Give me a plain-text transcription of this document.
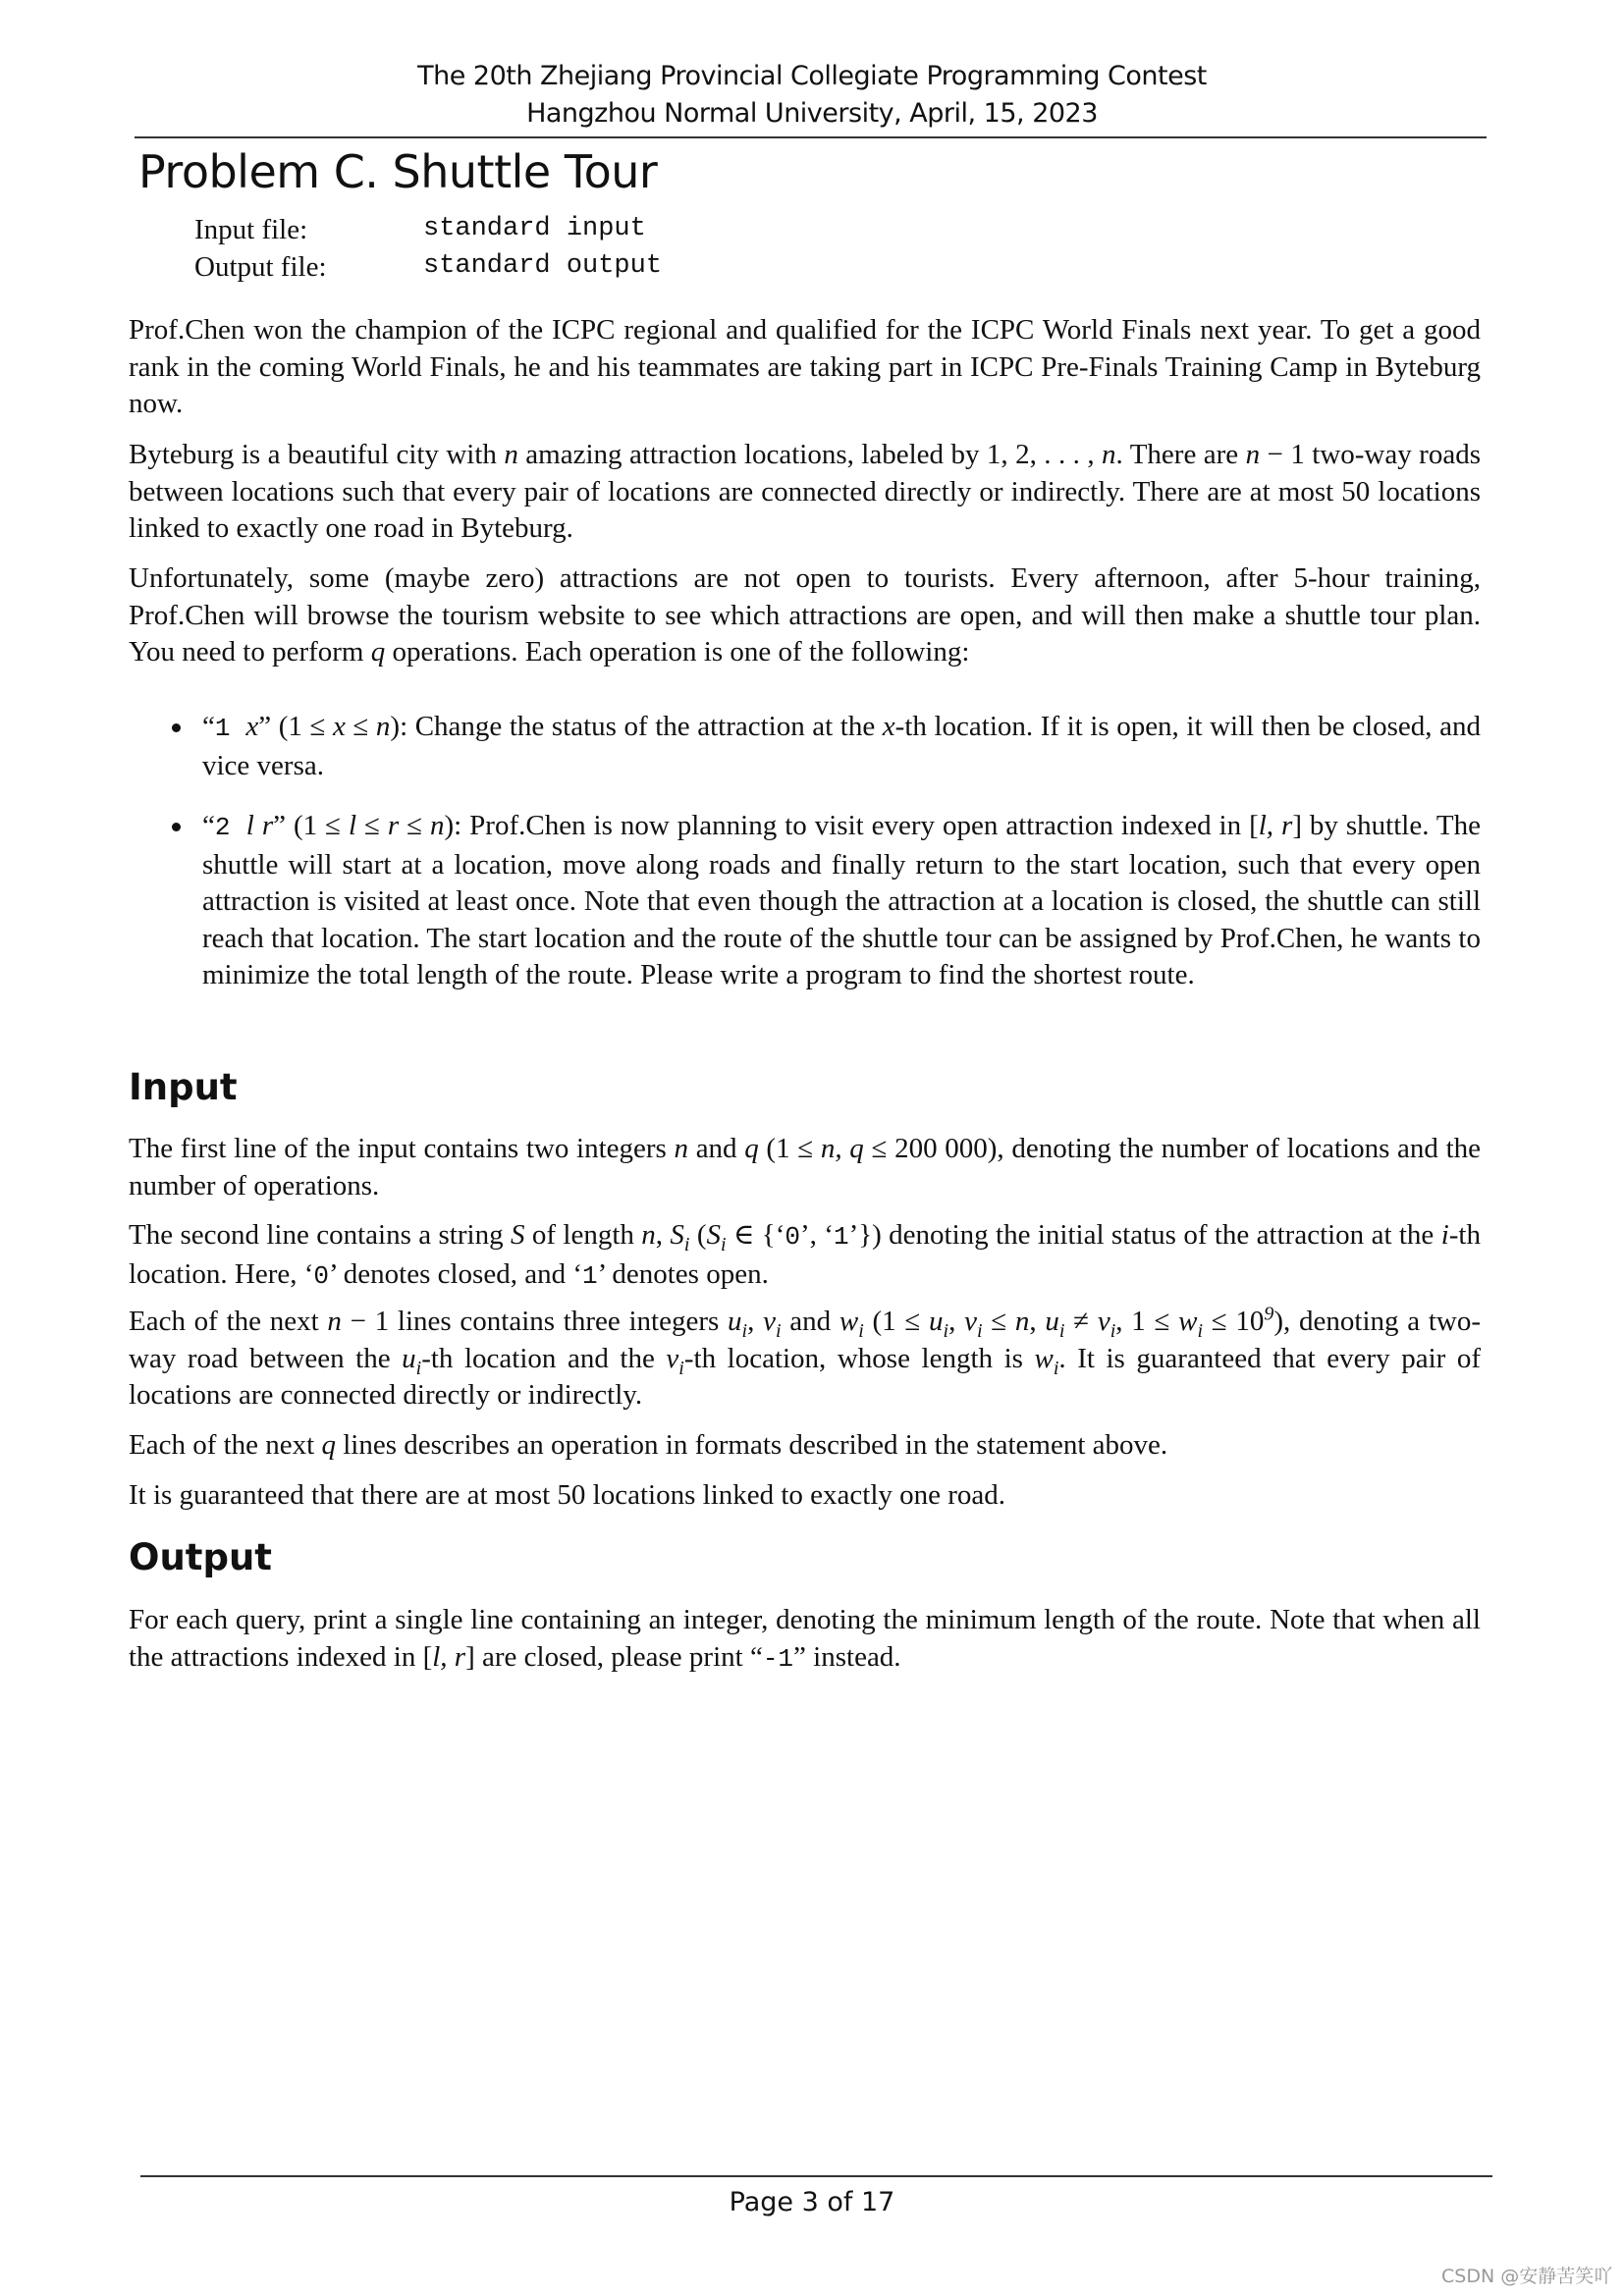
The 20th Zhejiang Provincial Collegiate Programming Contest
Hangzhou Normal University, April, 15, 2023
Problem C. Shuttle Tour
Input file:	standard input
Output file:	standard output
Prof.Chen won the champion of the ICPC regional and qualified for the ICPC World Finals next year. To get a good rank in the coming World Finals, he and his teammates are taking part in ICPC Pre-Finals Training Camp in Byteburg now.
Byteburg is a beautiful city with n amazing attraction locations, labeled by 1, 2, . . . , n. There are n − 1 two-way roads between locations such that every pair of locations are connected directly or indirectly. There are at most 50 locations linked to exactly one road in Byteburg.
Unfortunately, some (maybe zero) attractions are not open to tourists. Every afternoon, after 5-hour training, Prof.Chen will browse the tourism website to see which attractions are open, and will then make a shuttle tour plan. You need to perform q operations. Each operation is one of the following:
“1 x” (1 ≤ x ≤ n): Change the status of the attraction at the x-th location. If it is open, it will then be closed, and vice versa.
“2 l r” (1 ≤ l ≤ r ≤ n): Prof.Chen is now planning to visit every open attraction indexed in [l, r] by shuttle. The shuttle will start at a location, move along roads and finally return to the start location, such that every open attraction is visited at least once. Note that even though the attraction at a location is closed, the shuttle can still reach that location. The start location and the route of the shuttle tour can be assigned by Prof.Chen, he wants to minimize the total length of the route. Please write a program to find the shortest route.
Input
The first line of the input contains two integers n and q (1 ≤ n, q ≤ 200 000), denoting the number of locations and the number of operations.
The second line contains a string S of length n, $S_i$ ($S_i$ ∈ {‘0’, ‘1’}) denoting the initial status of the attraction at the i-th location. Here, ‘0’ denotes closed, and ‘1’ denotes open.
Each of the next n − 1 lines contains three integers $u_i$, $v_i$ and $w_i$ ($1 \le u_i$, $v_i \le n$, $u_i \ne v_i$, $1 \le w_i \le 10^9$), denoting a two-way road between the $u_i-th$ location and the $v_i-th$ location, whose length is $w_i$. It is guaranteed that every pair of locations are connected directly or indirectly.
Each of the next q lines describes an operation in formats described in the statement above.
It is guaranteed that there are at most 50 locations linked to exactly one road.
Output
For each query, print a single line containing an integer, denoting the minimum length of the route. Note that when all the attractions indexed in [l, r] are closed, please print “-1” instead.
Page 3 of 17
CSDN @安静苦笑吖
